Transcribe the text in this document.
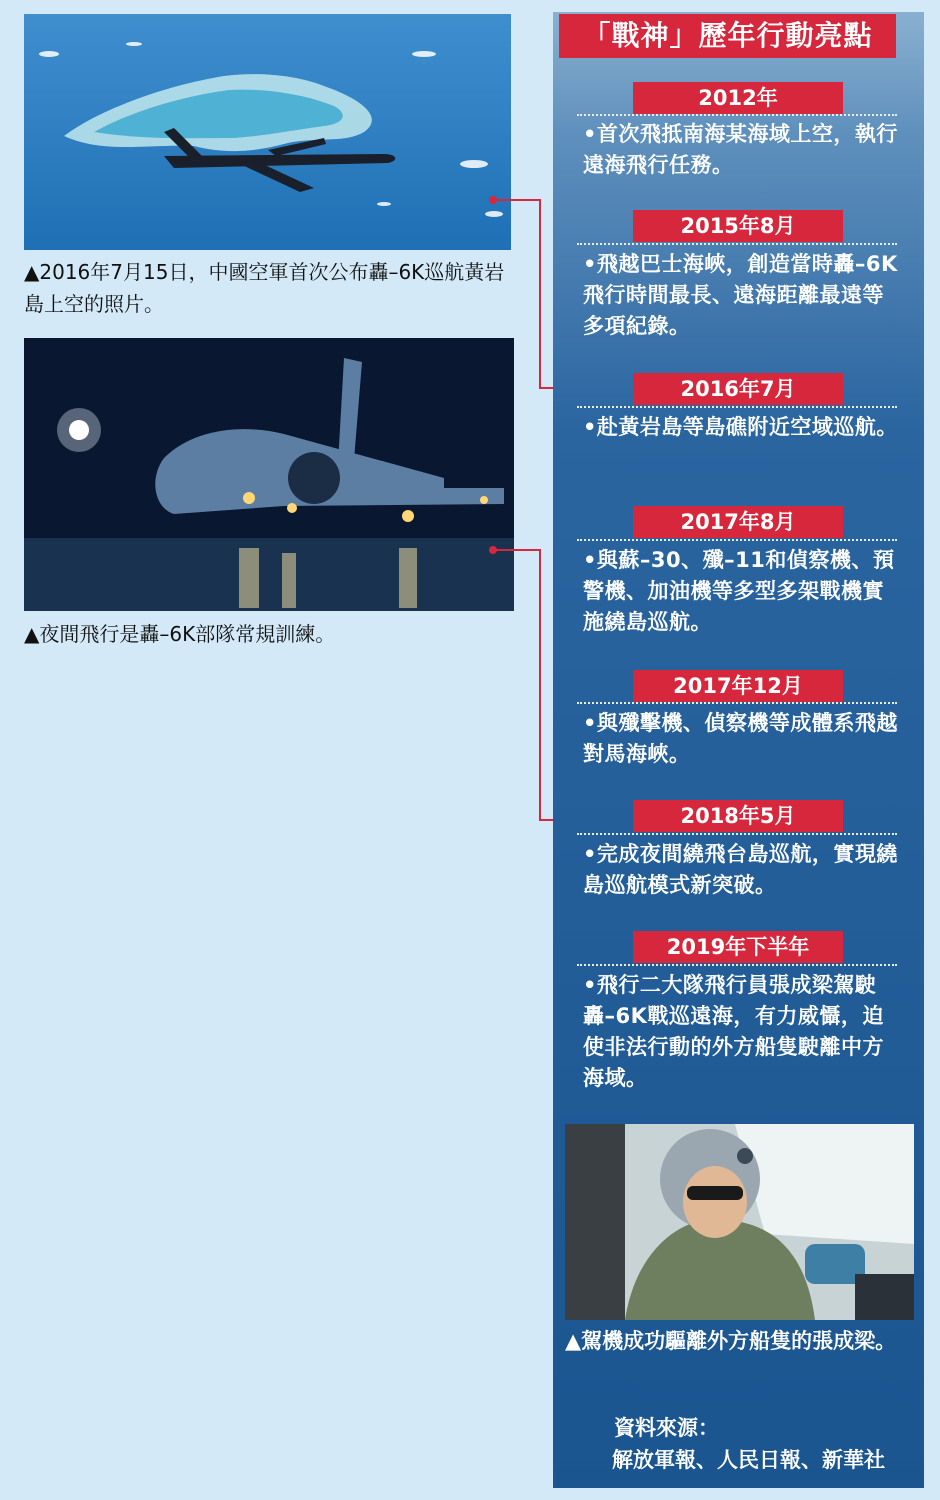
▲2016年7月15日，中國空軍首次公布轟–6K巡航黃岩島上空的照片。
▲夜間飛行是轟–6K部隊常規訓練。
「戰神」歷年行動亮點
2012年
•首次飛抵南海某海域上空，執行遠海飛行任務。
2015年8月
•飛越巴士海峽，創造當時轟–6K飛行時間最長、遠海距離最遠等多項紀錄。
2016年7月
•赴黃岩島等島礁附近空域巡航。
2017年8月
•與蘇–30、殲–11和偵察機、預警機、加油機等多型多架戰機實施繞島巡航。
2017年12月
•與殲擊機、偵察機等成體系飛越對馬海峽。
2018年5月
•完成夜間繞飛台島巡航，實現繞島巡航模式新突破。
2019年下半年
•飛行二大隊飛行員張成梁駕駛轟–6K戰巡遠海，有力威懾，迫使非法行動的外方船隻駛離中方海域。
▲駕機成功驅離外方船隻的張成梁。
資料來源：
解放軍報、人民日報、新華社
